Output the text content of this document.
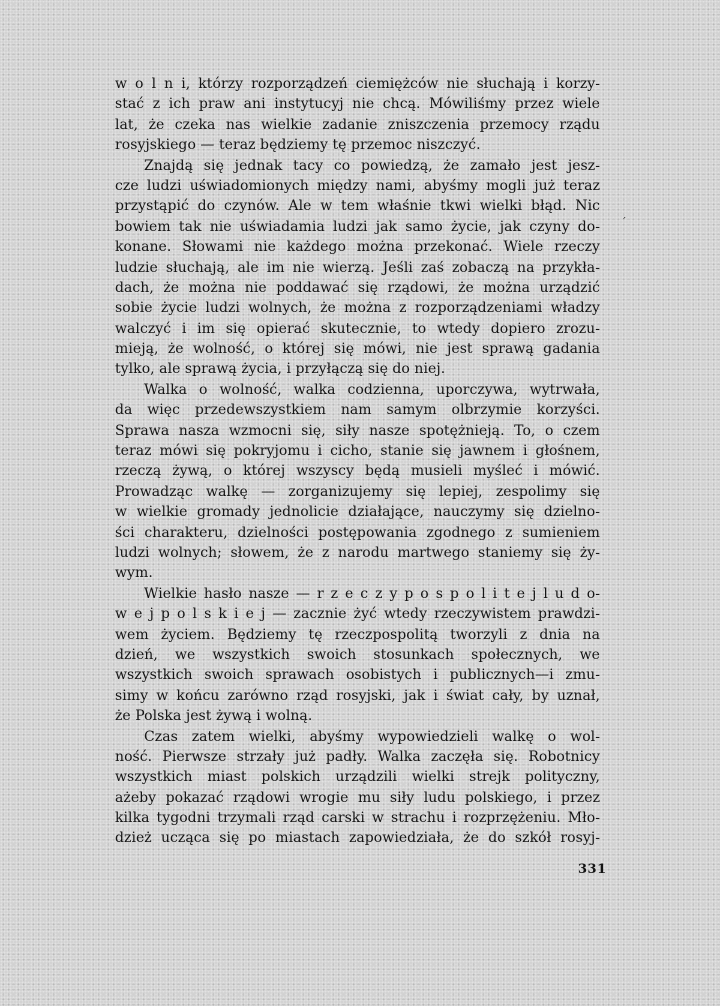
w o l n i, którzy rozporządzeń ciemiężców nie słuchają i korzy-
stać z ich praw ani instytucyj nie chcą. Mówiliśmy przez wiele
lat, że czeka nas wielkie zadanie zniszczenia przemocy rządu
rosyjskiego — teraz będziemy tę przemoc niszczyć.
Znajdą się jednak tacy co powiedzą, że zamało jest jesz-
cze ludzi uświadomionych między nami, abyśmy mogli już teraz
przystąpić do czynów. Ale w tem właśnie tkwi wielki błąd. Nic
bowiem tak nie uświadamia ludzi jak samo życie, jak czyny do-
konane. Słowami nie każdego można przekonać. Wiele rzeczy
ludzie słuchają, ale im nie wierzą. Jeśli zaś zobaczą na przykła-
dach, że można nie poddawać się rządowi, że można urządzić
sobie życie ludzi wolnych, że można z rozporządzeniami władzy
walczyć i im się opierać skutecznie, to wtedy dopiero zrozu-
mieją, że wolność, o której się mówi, nie jest sprawą gadania
tylko, ale sprawą życia, i przyłączą się do niej.
Walka o wolność, walka codzienna, uporczywa, wytrwała,
da więc przedewszystkiem nam samym olbrzymie korzyści.
Sprawa nasza wzmocni się, siły nasze spotężnieją. To, o czem
teraz mówi się pokryjomu i cicho, stanie się jawnem i głośnem,
rzeczą żywą, o której wszyscy będą musieli myśleć i mówić.
Prowadząc walkę — zorganizujemy się lepiej, zespolimy się
w wielkie gromady jednolicie działające, nauczymy się dzielno-
ści charakteru, dzielności postępowania zgodnego z sumieniem
ludzi wolnych; słowem, że z narodu martwego staniemy się ży-
wym.
Wielkie hasło nasze — r z e c z y p o s p o l i t e j l u d o-
w e j p o l s k i e j — zacznie żyć wtedy rzeczywistem prawdzi-
wem życiem. Będziemy tę rzeczpospolitą tworzyli z dnia na
dzień, we wszystkich swoich stosunkach społecznych, we
wszystkich swoich sprawach osobistych i publicznych—i zmu-
simy w końcu zarówno rząd rosyjski, jak i świat cały, by uznał,
że Polska jest żywą i wolną.
Czas zatem wielki, abyśmy wypowiedzieli walkę o wol-
ność. Pierwsze strzały już padły. Walka zaczęła się. Robotnicy
wszystkich miast polskich urządzili wielki strejk polityczny,
ażeby pokazać rządowi wrogie mu siły ludu polskiego, i przez
kilka tygodni trzymali rząd carski w strachu i rozprzężeniu. Mło-
dzież ucząca się po miastach zapowiedziała, że do szkół rosyj-
´
331
